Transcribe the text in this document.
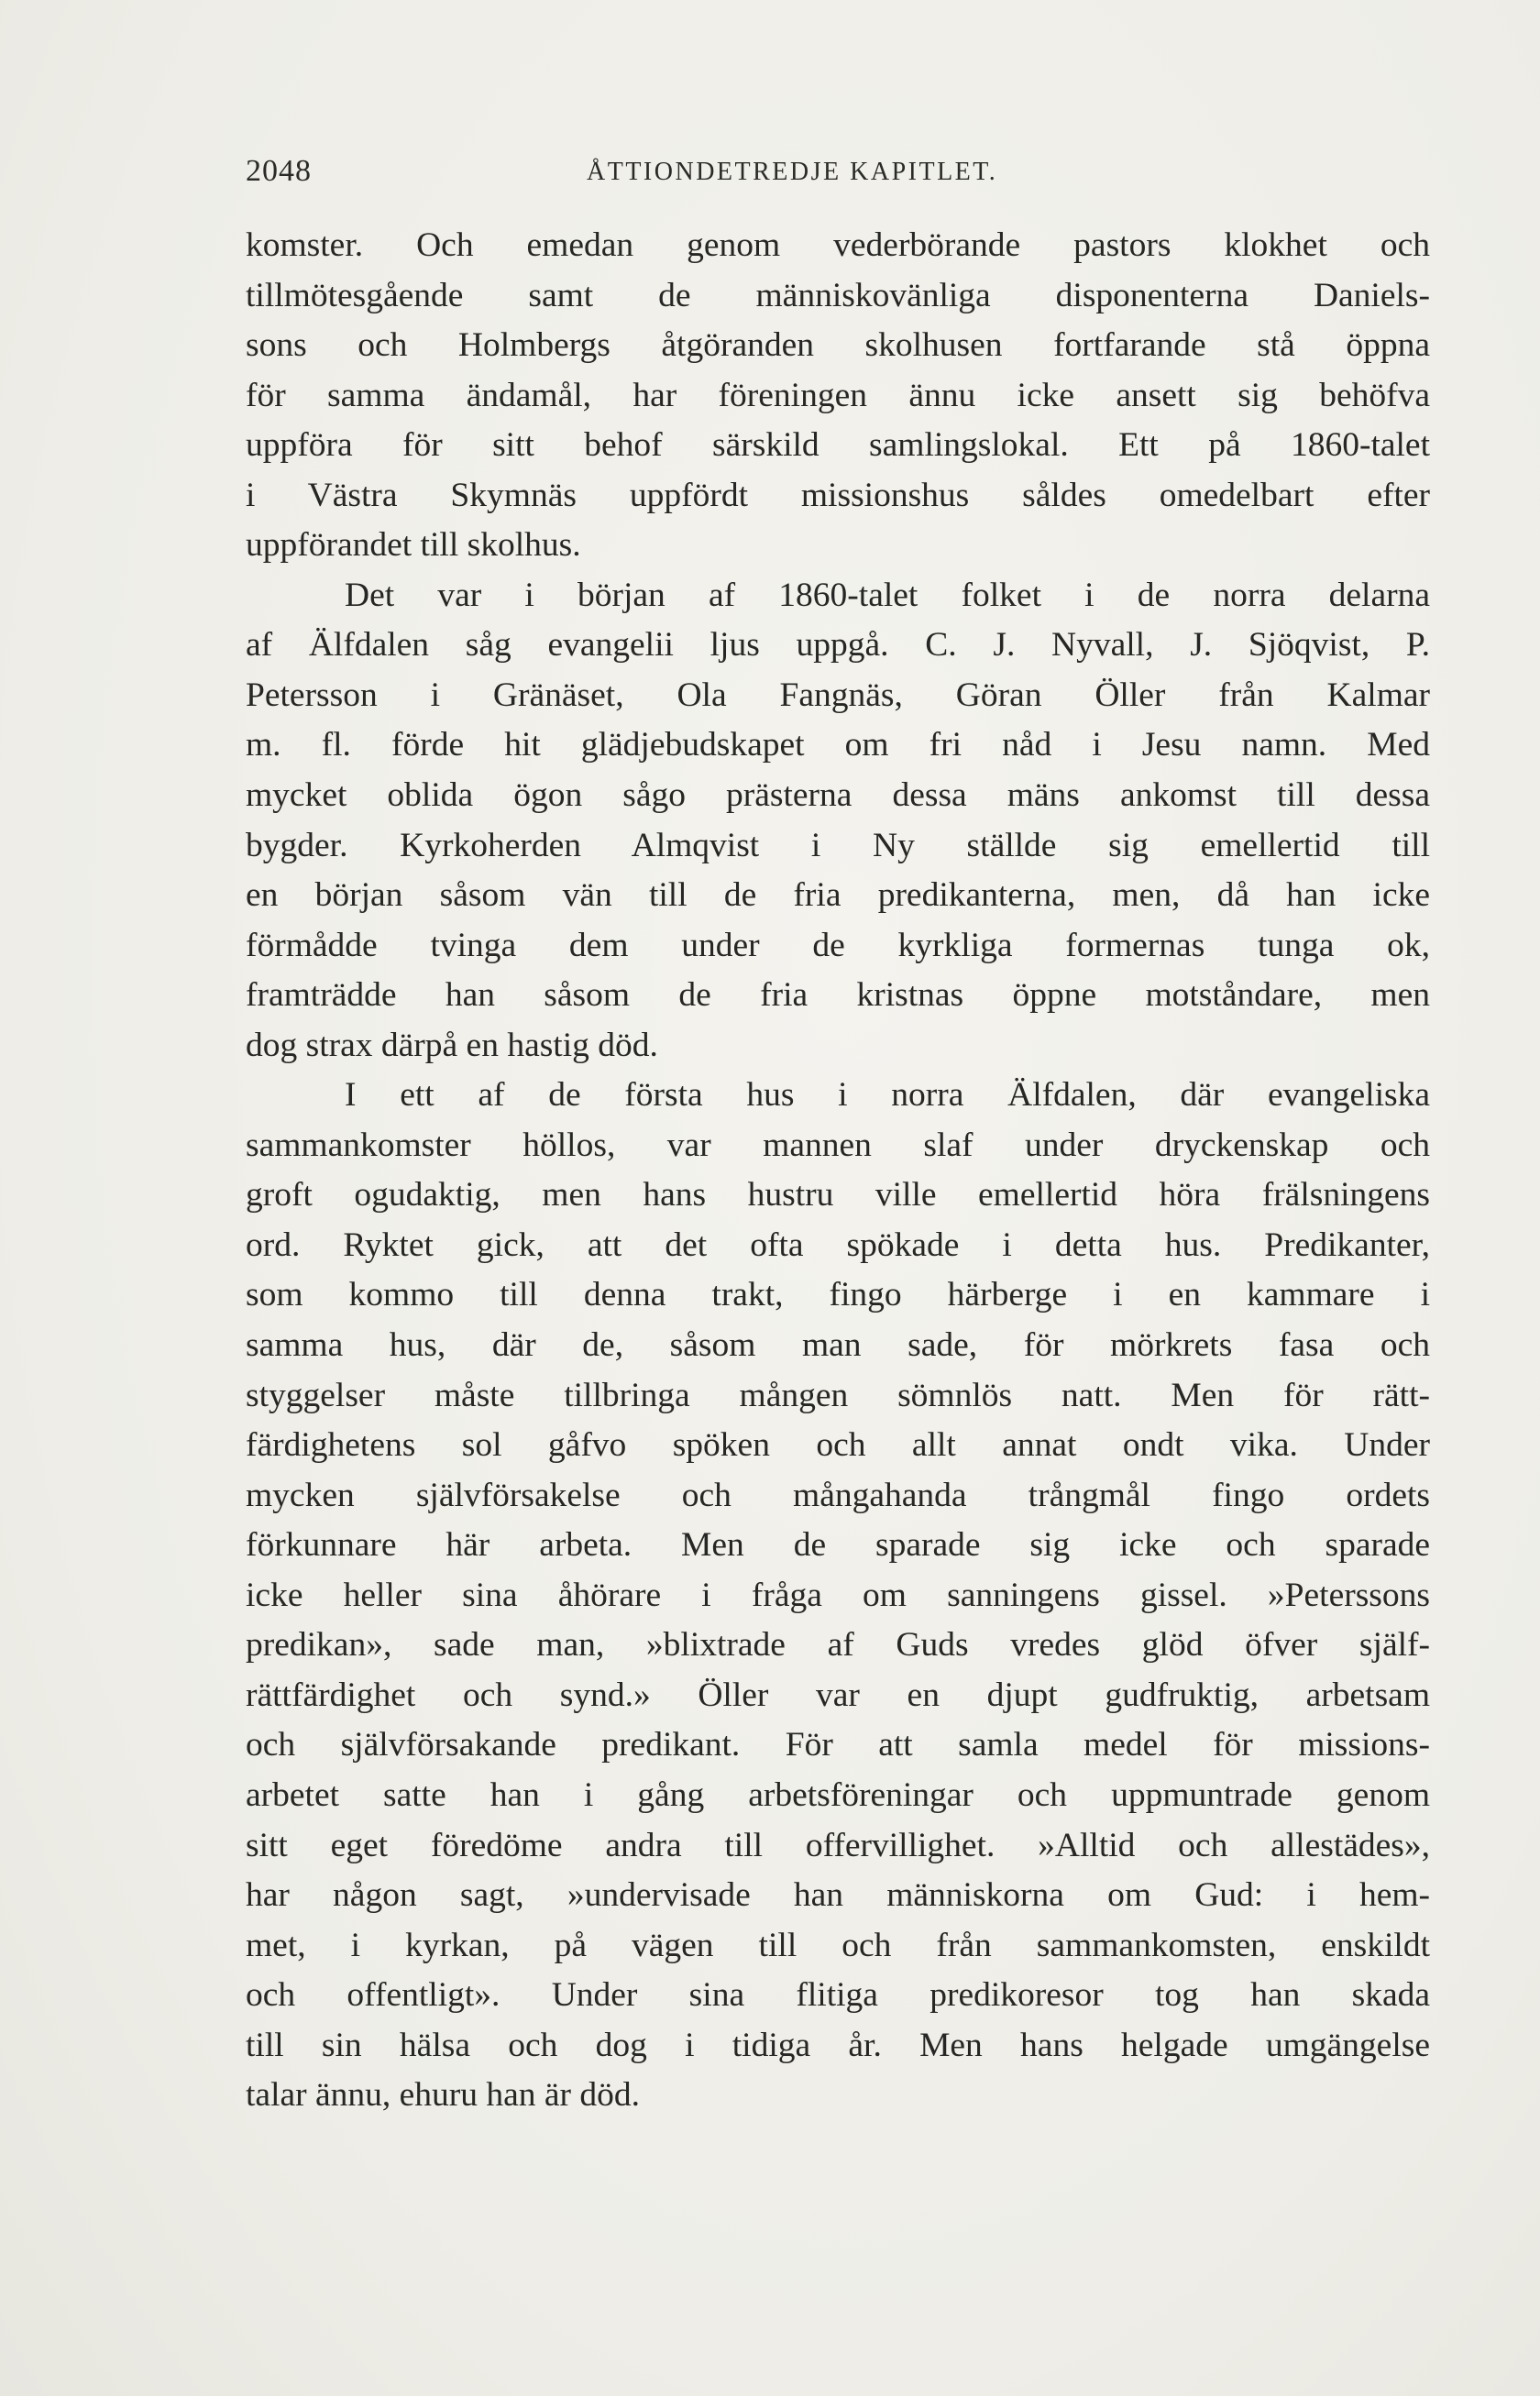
2048	ÅTTIONDETREDJE KAPITLET.
komster. Och emedan genom vederbörande pastors klokhet och
tillmötesgående samt de människovänliga disponenterna Daniels-
sons och Holmbergs åtgöranden skolhusen fortfarande stå öppna
för samma ändamål, har föreningen ännu icke ansett sig behöfva
uppföra för sitt behof särskild samlingslokal. Ett på 1860-talet
i Västra Skymnäs uppfördt missionshus såldes omedelbart efter
uppförandet till skolhus.
Det var i början af 1860-talet folket i de norra delarna
af Älfdalen såg evangelii ljus uppgå. C. J. Nyvall, J. Sjöqvist, P.
Petersson i Gränäset, Ola Fangnäs, Göran Öller från Kalmar
m. fl. förde hit glädjebudskapet om fri nåd i Jesu namn. Med
mycket oblida ögon sågo prästerna dessa mäns ankomst till dessa
bygder. Kyrkoherden Almqvist i Ny ställde sig emellertid till
en början såsom vän till de fria predikanterna, men, då han icke
förmådde tvinga dem under de kyrkliga formernas tunga ok,
framträdde han såsom de fria kristnas öppne motståndare, men
dog strax därpå en hastig död.
I ett af de första hus i norra Älfdalen, där evangeliska
sammankomster höllos, var mannen slaf under dryckenskap och
groft ogudaktig, men hans hustru ville emellertid höra frälsningens
ord. Ryktet gick, att det ofta spökade i detta hus. Predikanter,
som kommo till denna trakt, fingo härberge i en kammare i
samma hus, där de, såsom man sade, för mörkrets fasa och
styggelser måste tillbringa mången sömnlös natt. Men för rätt-
färdighetens sol gåfvo spöken och allt annat ondt vika. Under
mycken självförsakelse och mångahanda trångmål fingo ordets
förkunnare här arbeta. Men de sparade sig icke och sparade
icke heller sina åhörare i fråga om sanningens gissel. »Peterssons
predikan», sade man, »blixtrade af Guds vredes glöd öfver själf-
rättfärdighet och synd.» Öller var en djupt gudfruktig, arbetsam
och självförsakande predikant. För att samla medel för missions-
arbetet satte han i gång arbetsföreningar och uppmuntrade genom
sitt eget föredöme andra till offervillighet. »Alltid och allestädes»,
har någon sagt, »undervisade han människorna om Gud: i hem-
met, i kyrkan, på vägen till och från sammankomsten, enskildt
och offentligt». Under sina flitiga predikoresor tog han skada
till sin hälsa och dog i tidiga år. Men hans helgade umgängelse
talar ännu, ehuru han är död.
